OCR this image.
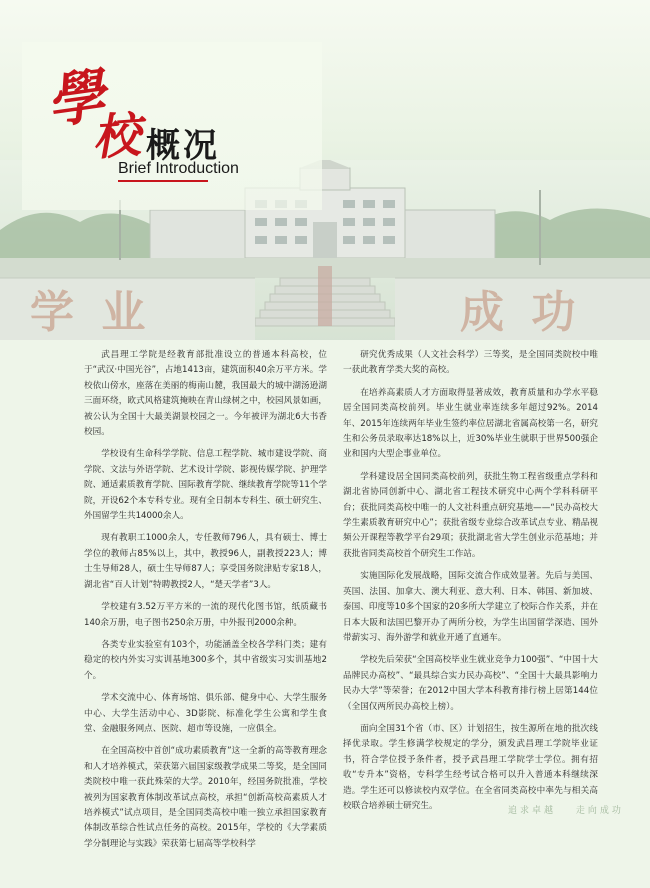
學
校 概况
Brief Introduction
学 业	成 功

武昌理工学院是经教育部批准设立的普通本科高校，位于“武汉·中国光谷”，占地1413亩，建筑面积40余万平方米。学校依山傍水，座落在美丽的梅南山麓，我国最大的城中湖汤逊湖三面环绕，欧式风格建筑掩映在青山绿树之中，校园风景如画，被公认为全国十大最美湖景校园之一。今年被评为湖北6大书香校园。

学校设有生命科学学院、信息工程学院、城市建设学院、商学院、文法与外语学院、艺术设计学院、影视传媒学院、护理学院、通适素质教育学院、国际教育学院、继续教育学院等11个学院，开设62个本专科专业。现有全日制本专科生、硕士研究生、外国留学生共14000余人。

现有教职工1000余人，专任教师796人，具有硕士、博士学位的教师占85%以上，其中，教授96人，副教授223人；博士生导师28人，硕士生导师87人；享受国务院津贴专家18人，湖北省“百人计划”特聘教授2人，“楚天学者”3人。

学校建有3.52万平方米的一流的现代化图书馆，纸质藏书140余万册，电子图书250余万册，中外报刊2000余种。

各类专业实验室有103个，功能涵盖全校各学科门类；建有稳定的校内外实习实训基地300多个，其中省级实习实训基地2个。

学术交流中心、体育场馆、俱乐部、健身中心、大学生服务中心、大学生活动中心、3D影院、标准化学生公寓和学生食堂、金融服务网点、医院、超市等设施，一应俱全。

在全国高校中首创“成功素质教育”这一全新的高等教育理念和人才培养模式，荣获第六届国家级教学成果二等奖，是全国同类院校中唯一获此殊荣的大学。2010年，经国务院批准，学校被列为国家教育体制改革试点高校，承担“创新高校高素质人才培养模式”试点项目，是全国同类高校中唯一独立承担国家教育体制改革综合性试点任务的高校。2015年，学校的《大学素质学分制理论与实践》荣获第七届高等学校科学

研究优秀成果（人文社会科学）三等奖，是全国同类院校中唯一获此教育学类大奖的高校。

在培养高素质人才方面取得显著成效，教育质量和办学水平稳居全国同类高校前列。毕业生就业率连续多年超过92%。2014年、2015年连续两年毕业生签约率位居湖北省属高校第一名，研究生和公务员录取率达18%以上，近30%毕业生就职于世界500强企业和国内大型企事业单位。

学科建设居全国同类高校前列，获批生物工程省级重点学科和湖北省协同创新中心、湖北省工程技术研究中心两个学科科研平台；获批同类高校中唯一的人文社科重点研究基地——“民办高校大学生素质教育研究中心”；获批省级专业综合改革试点专业、精品视频公开课程等教学平台29项；获批湖北省大学生创业示范基地；并获批省同类高校首个研究生工作站。

实施国际化发展战略，国际交流合作成效显著。先后与美国、英国、法国、加拿大、澳大利亚、意大利、日本、韩国、新加坡、泰国、印度等10多个国家的20多所大学建立了校际合作关系，并在日本大阪和法国巴黎开办了两所分校，为学生出国留学深造、国外带薪实习、海外游学和就业开通了直通车。

学校先后荣获“全国高校毕业生就业竞争力100强”、“中国十大品牌民办高校”、“最具综合实力民办高校”、“全国十大最具影响力民办大学”等荣誉；在2012中国大学本科教育排行榜上居第144位（全国仅两所民办高校上榜）。

面向全国31个省（市、区）计划招生，按生源所在地的批次线择优录取。学生修满学校规定的学分，颁发武昌理工学院毕业证书，符合学位授予条件者，授予武昌理工学院学士学位。拥有招收“专升本”资格，专科学生经考试合格可以升入普通本科继续深造。学生还可以修读校内双学位。在全省同类高校中率先与相关高校联合培养硕士研究生。

追求卓越 走向成功
